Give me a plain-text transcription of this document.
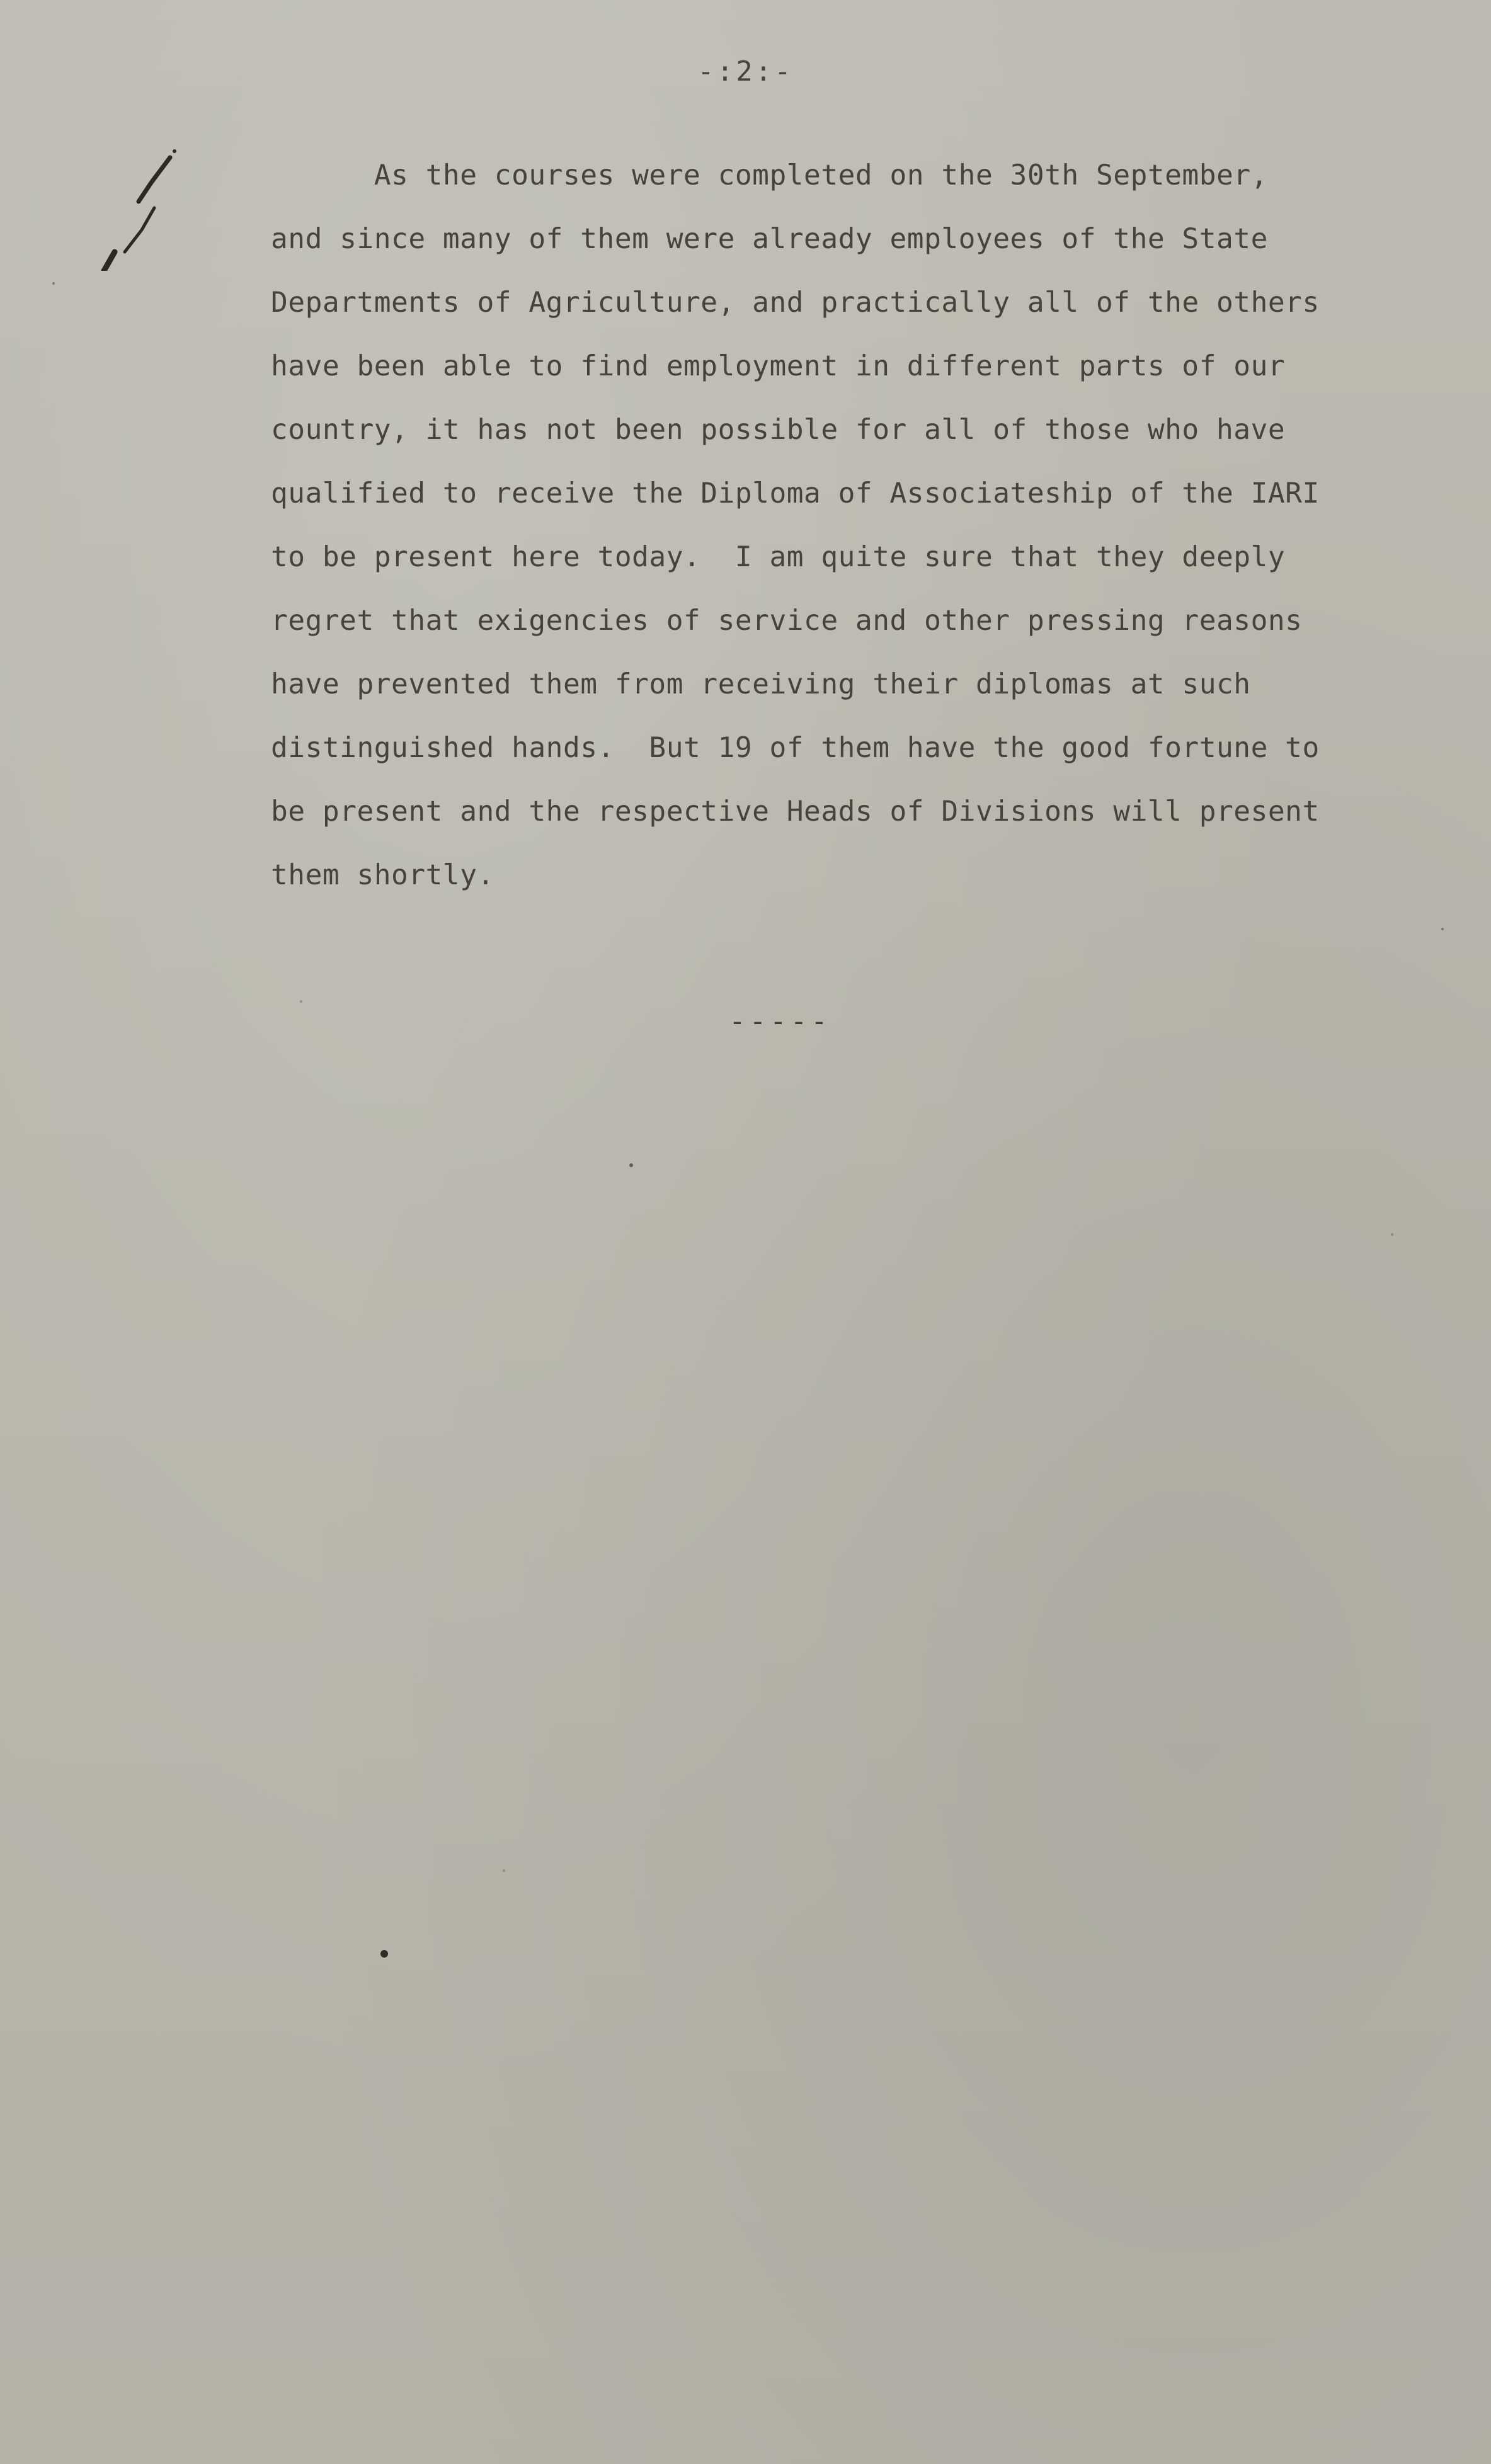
-:2:-
As the courses were completed on the 30th September,
and since many of them were already employees of the State
Departments of Agriculture, and practically all of the others
have been able to find employment in different parts of our
country, it has not been possible for all of those who have
qualified to receive the Diploma of Associateship of the IARI
to be present here today.  I am quite sure that they deeply
regret that exigencies of service and other pressing reasons
have prevented them from receiving their diplomas at such
distinguished hands.  But 19 of them have the good fortune to
be present and the respective Heads of Divisions will present
them shortly.
-----
